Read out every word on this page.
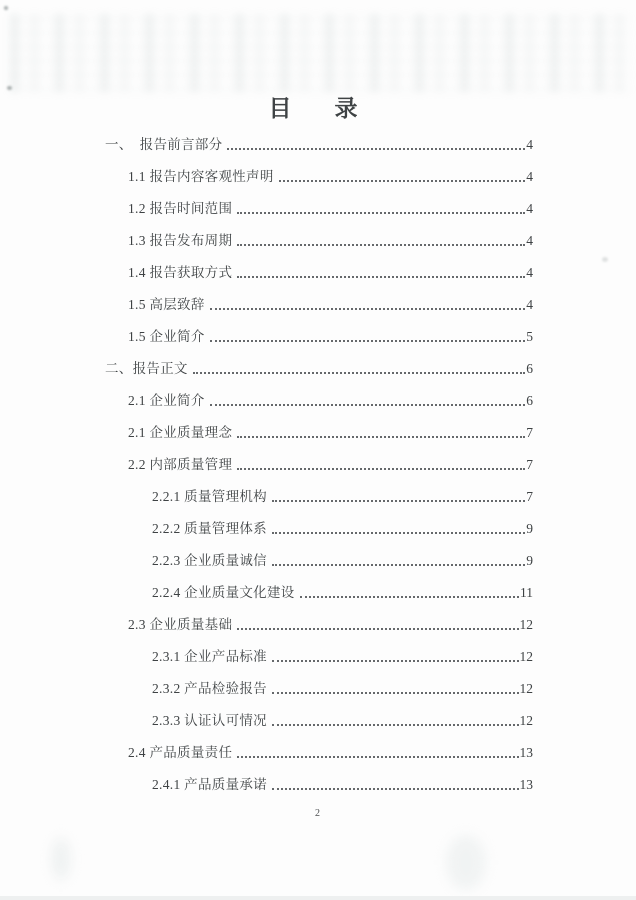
目　录
一、　报告前言部分	4
1.1 报告内容客观性声明	4
1.2 报告时间范围	4
1.3 报告发布周期	4
1.4 报告获取方式	4
1.5 高层致辞	4
1.5 企业简介	5
二、报告正文	6
2.1 企业简介	6
2.1 企业质量理念	7
2.2 内部质量管理	7
2.2.1 质量管理机构	7
2.2.2 质量管理体系	9
2.2.3 企业质量诚信	9
2.2.4 企业质量文化建设	11
2.3 企业质量基础	12
2.3.1 企业产品标准	12
2.3.2 产品检验报告	12
2.3.3 认证认可情况	12
2.4 产品质量责任	13
2.4.1 产品质量承诺	13
2
